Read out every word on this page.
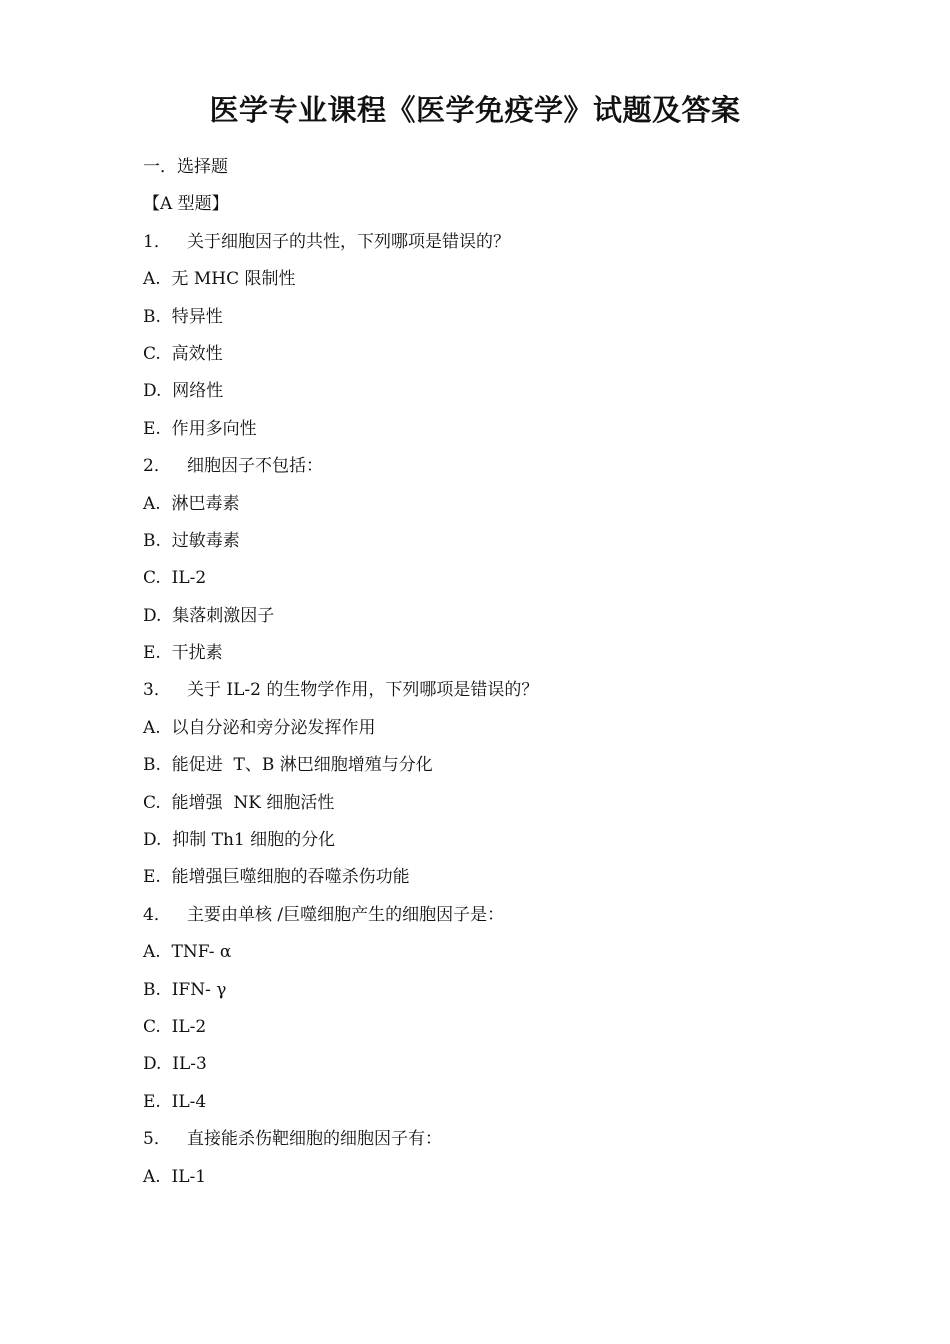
医学专业课程《医学免疫学》试题及答案
一．选择题
【A 型题】
1．   关于细胞因子的共性，下列哪项是错误的？
A.  无 MHC 限制性
B.  特异性
C.  高效性
D.  网络性
E.  作用多向性
2．   细胞因子不包括：
A.  淋巴毒素
B.  过敏毒素
C.  IL-2
D.  集落刺激因子
E.  干扰素
3．   关于 IL-2 的生物学作用，下列哪项是错误的？
A.  以自分泌和旁分泌发挥作用
B.  能促进  T、B 淋巴细胞增殖与分化
C.  能增强  NK 细胞活性
D.  抑制 Th1 细胞的分化
E.  能增强巨噬细胞的吞噬杀伤功能
4．   主要由单核 /巨噬细胞产生的细胞因子是：
A.  TNF- α
B.  IFN- γ
C.  IL-2
D.  IL-3
E.  IL-4
5．   直接能杀伤靶细胞的细胞因子有：
A.  IL-1
